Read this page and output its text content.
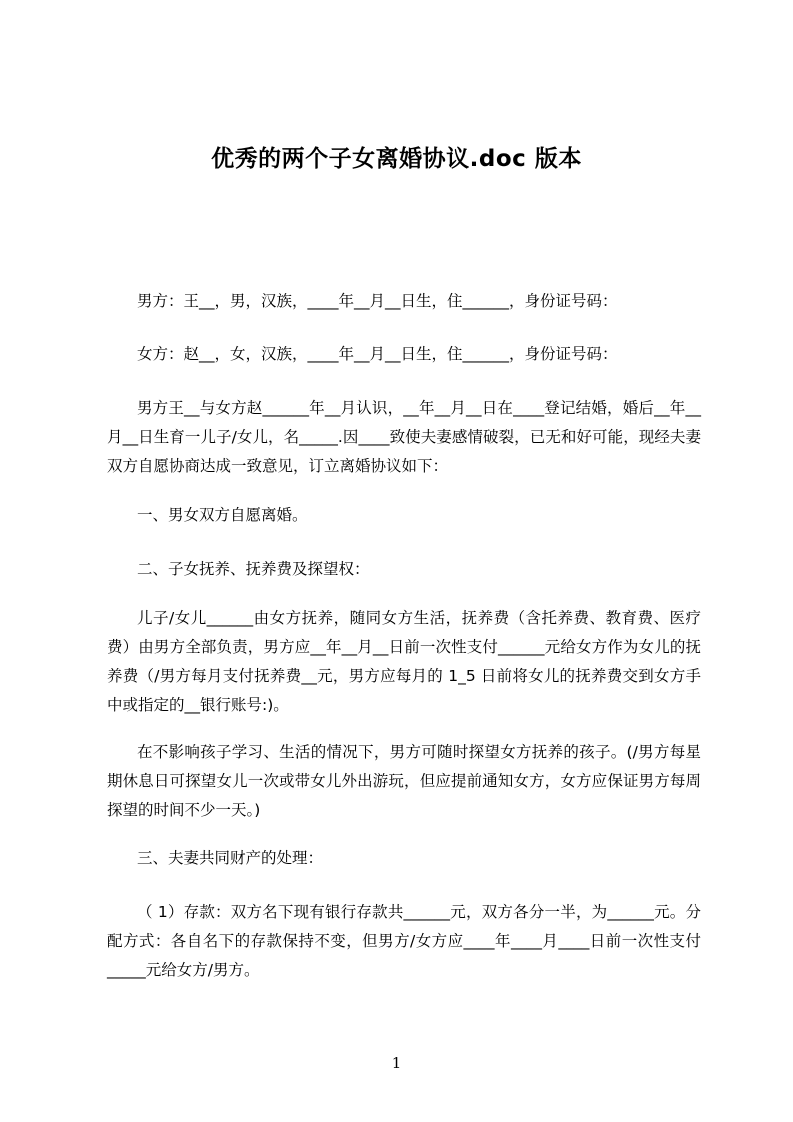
优秀的两个子女离婚协议.doc 版本
男方：王__，男，汉族，____年__月__日生，住______，身份证号码：
女方：赵__，女，汉族，____年__月__日生，住______，身份证号码：
男方王__与女方赵______年__月认识，__年__月__日在____登记结婚，婚后__年__月__日生育一儿子/女儿，名_____.因____致使夫妻感情破裂，已无和好可能，现经夫妻双方自愿协商达成一致意见，订立离婚协议如下：
一、男女双方自愿离婚。
二、子女抚养、抚养费及探望权：
儿子/女儿______由女方抚养，随同女方生活，抚养费（含托养费、教育费、医疗费）由男方全部负责，男方应__年__月__日前一次性支付______元给女方作为女儿的抚养费（/男方每月支付抚养费__元，男方应每月的 1_5 日前将女儿的抚养费交到女方手中或指定的__银行账号:)。
在不影响孩子学习、生活的情况下，男方可随时探望女方抚养的孩子。(/男方每星期休息日可探望女儿一次或带女儿外出游玩，但应提前通知女方，女方应保证男方每周探望的时间不少一天。)
三、夫妻共同财产的处理：
（ 1）存款：双方名下现有银行存款共______元，双方各分一半，为______元。分配方式：各自名下的存款保持不变，但男方/女方应____年____月____日前一次性支付_____元给女方/男方。
1
